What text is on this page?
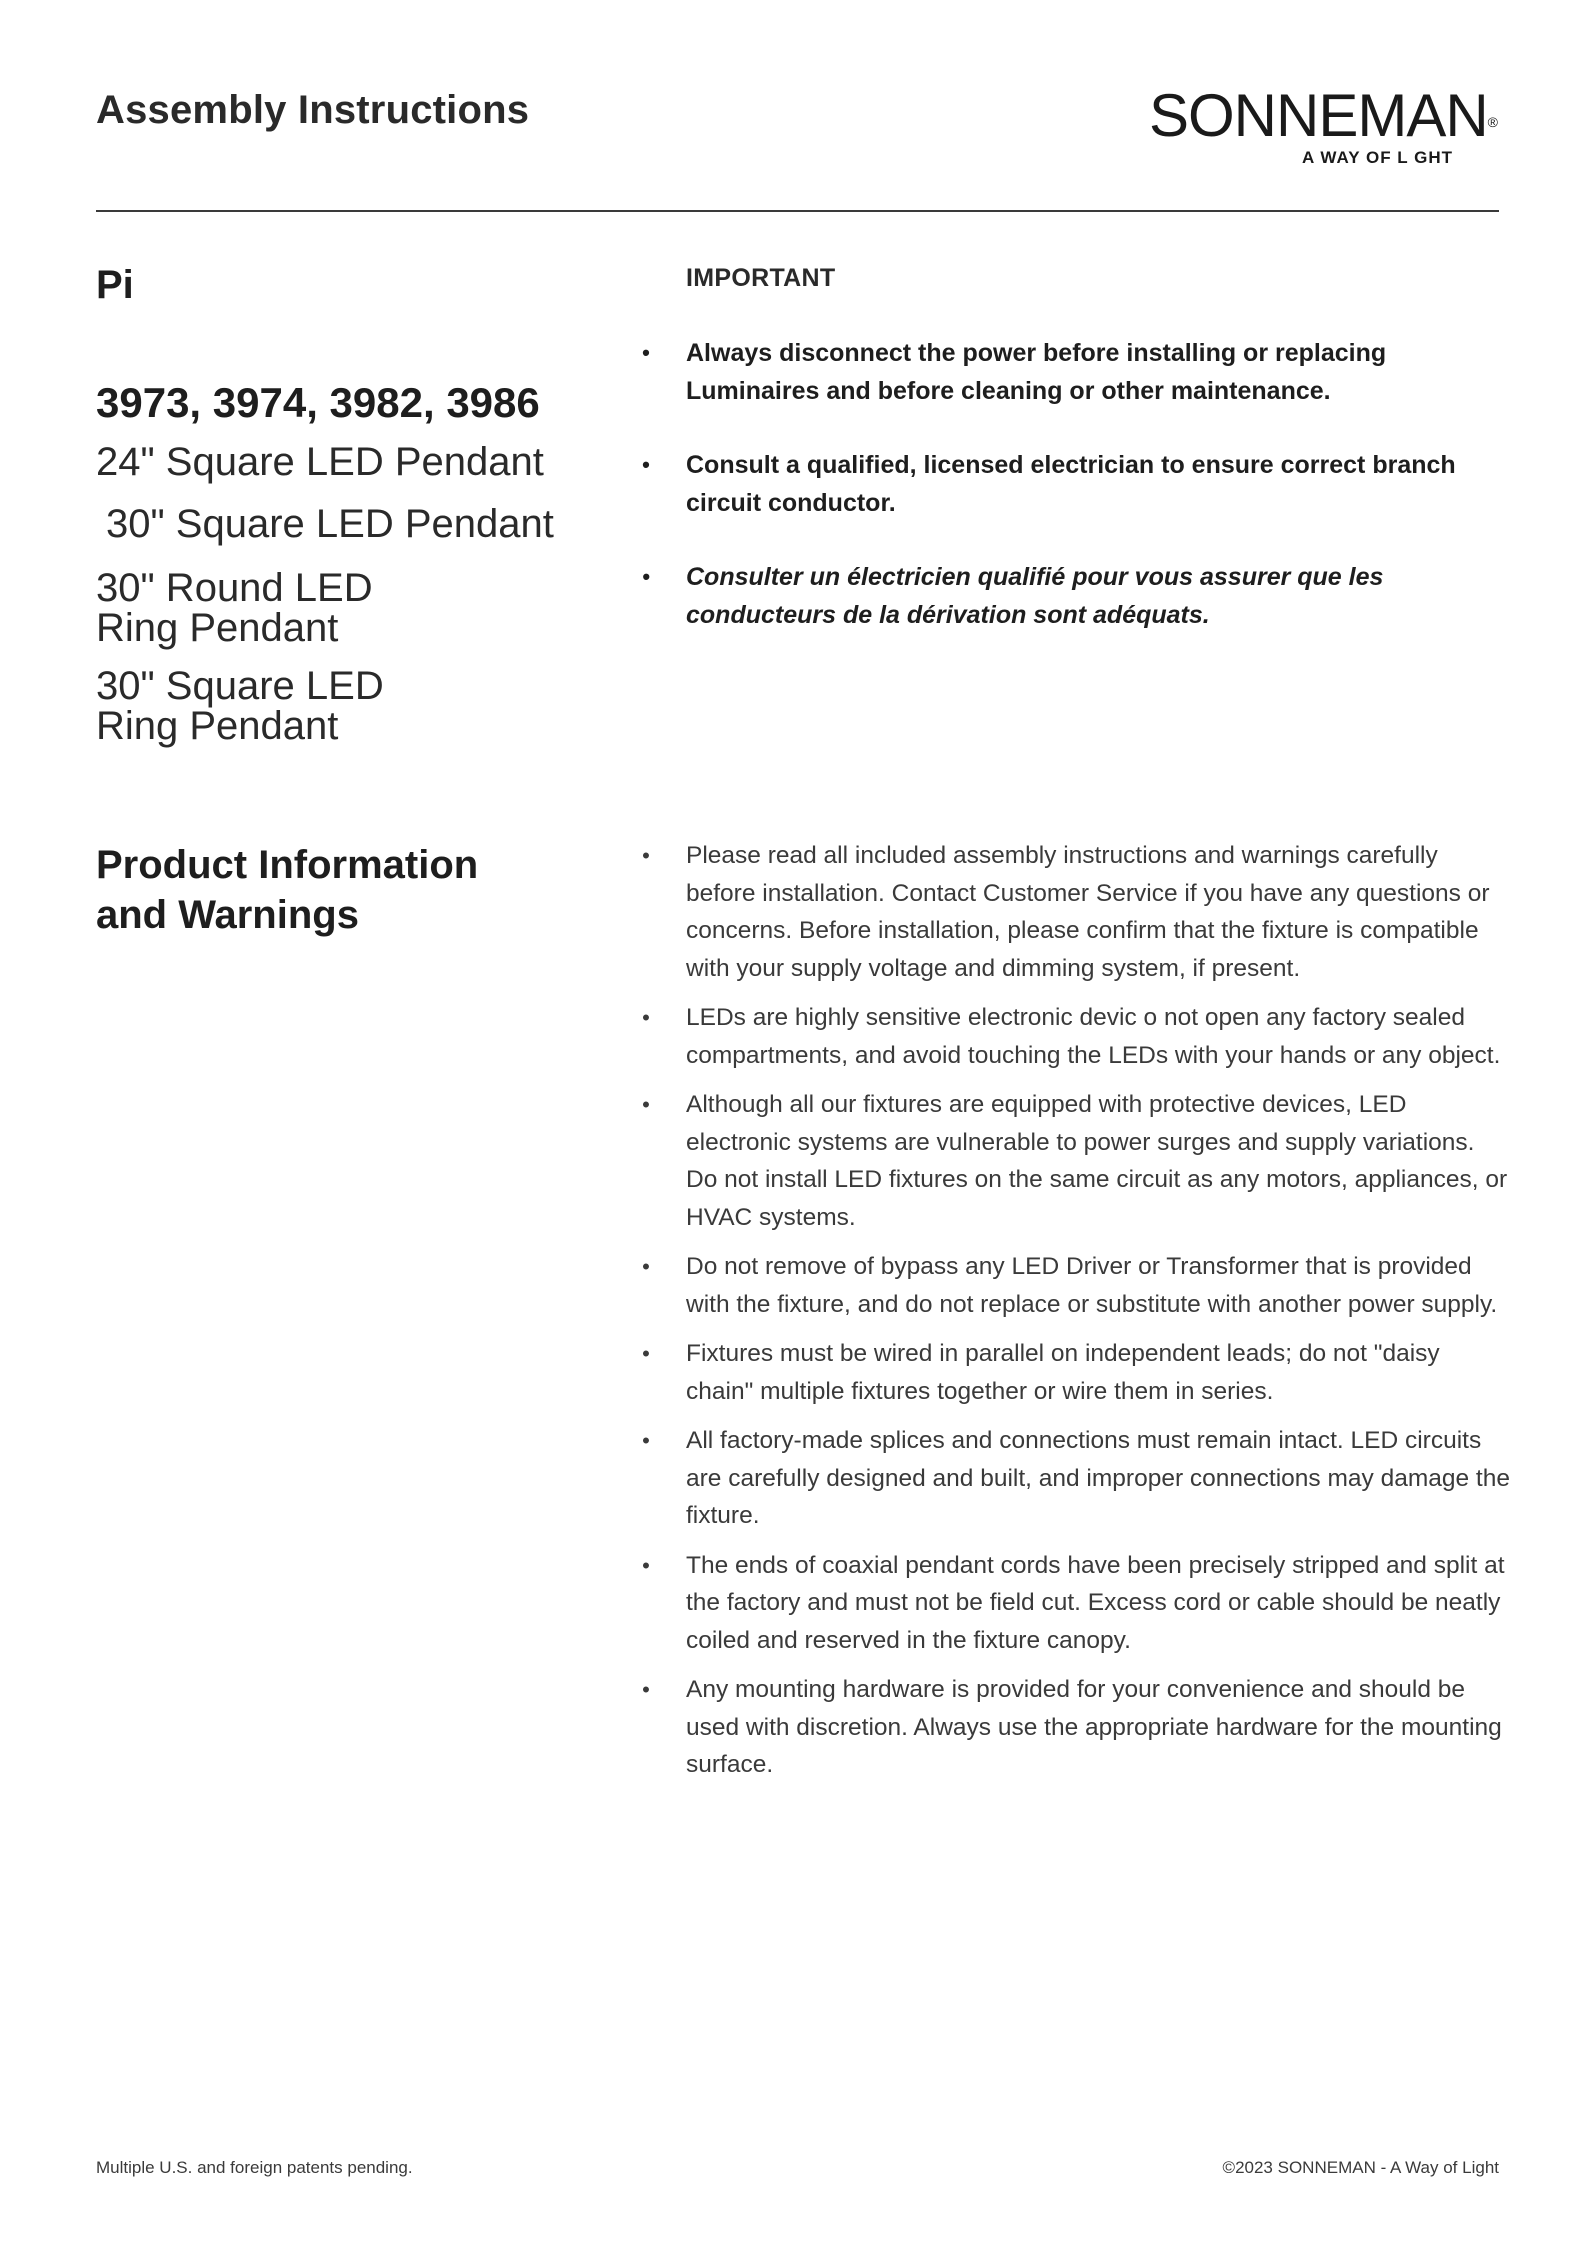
Assembly Instructions	SONNEMAN®
A WAY OF L GHT
Pi
3973, 3974, 3982, 3986
24" Square LED Pendant
30" Square LED Pendant
30" Round LED
Ring Pendant
30" Square LED
Ring Pendant
IMPORTANT
• Always disconnect the power before installing or replacing Luminaires and before cleaning or other maintenance.
• Consult a qualified, licensed electrician to ensure correct branch circuit conductor.
• Consulter un électricien qualifié pour vous assurer que les conducteurs de la dérivation sont adéquats.
Product Information
and Warnings
• Please read all included assembly instructions and warnings carefully before installation. Contact Customer Service if you have any questions or concerns. Before installation, please confirm that the fixture is compatible with your supply voltage and dimming system, if present.
• LEDs are highly sensitive electronic devic o not open any factory sealed compartments, and avoid touching the LEDs with your hands or any object.
• Although all our fixtures are equipped with protective devices, LED electronic systems are vulnerable to power surges and supply variations. Do not install LED fixtures on the same circuit as any motors, appliances, or HVAC systems.
• Do not remove of bypass any LED Driver or Transformer that is provided with the fixture, and do not replace or substitute with another power supply.
• Fixtures must be wired in parallel on independent leads; do not "daisy chain" multiple fixtures together or wire them in series.
• All factory-made splices and connections must remain intact. LED circuits are carefully designed and built, and improper connections may damage the fixture.
• The ends of coaxial pendant cords have been precisely stripped and split at the factory and must not be field cut. Excess cord or cable should be neatly coiled and reserved in the fixture canopy.
• Any mounting hardware is provided for your convenience and should be used with discretion. Always use the appropriate hardware for the mounting surface.
Multiple U.S. and foreign patents pending.	©2023 SONNEMAN - A Way of Light
